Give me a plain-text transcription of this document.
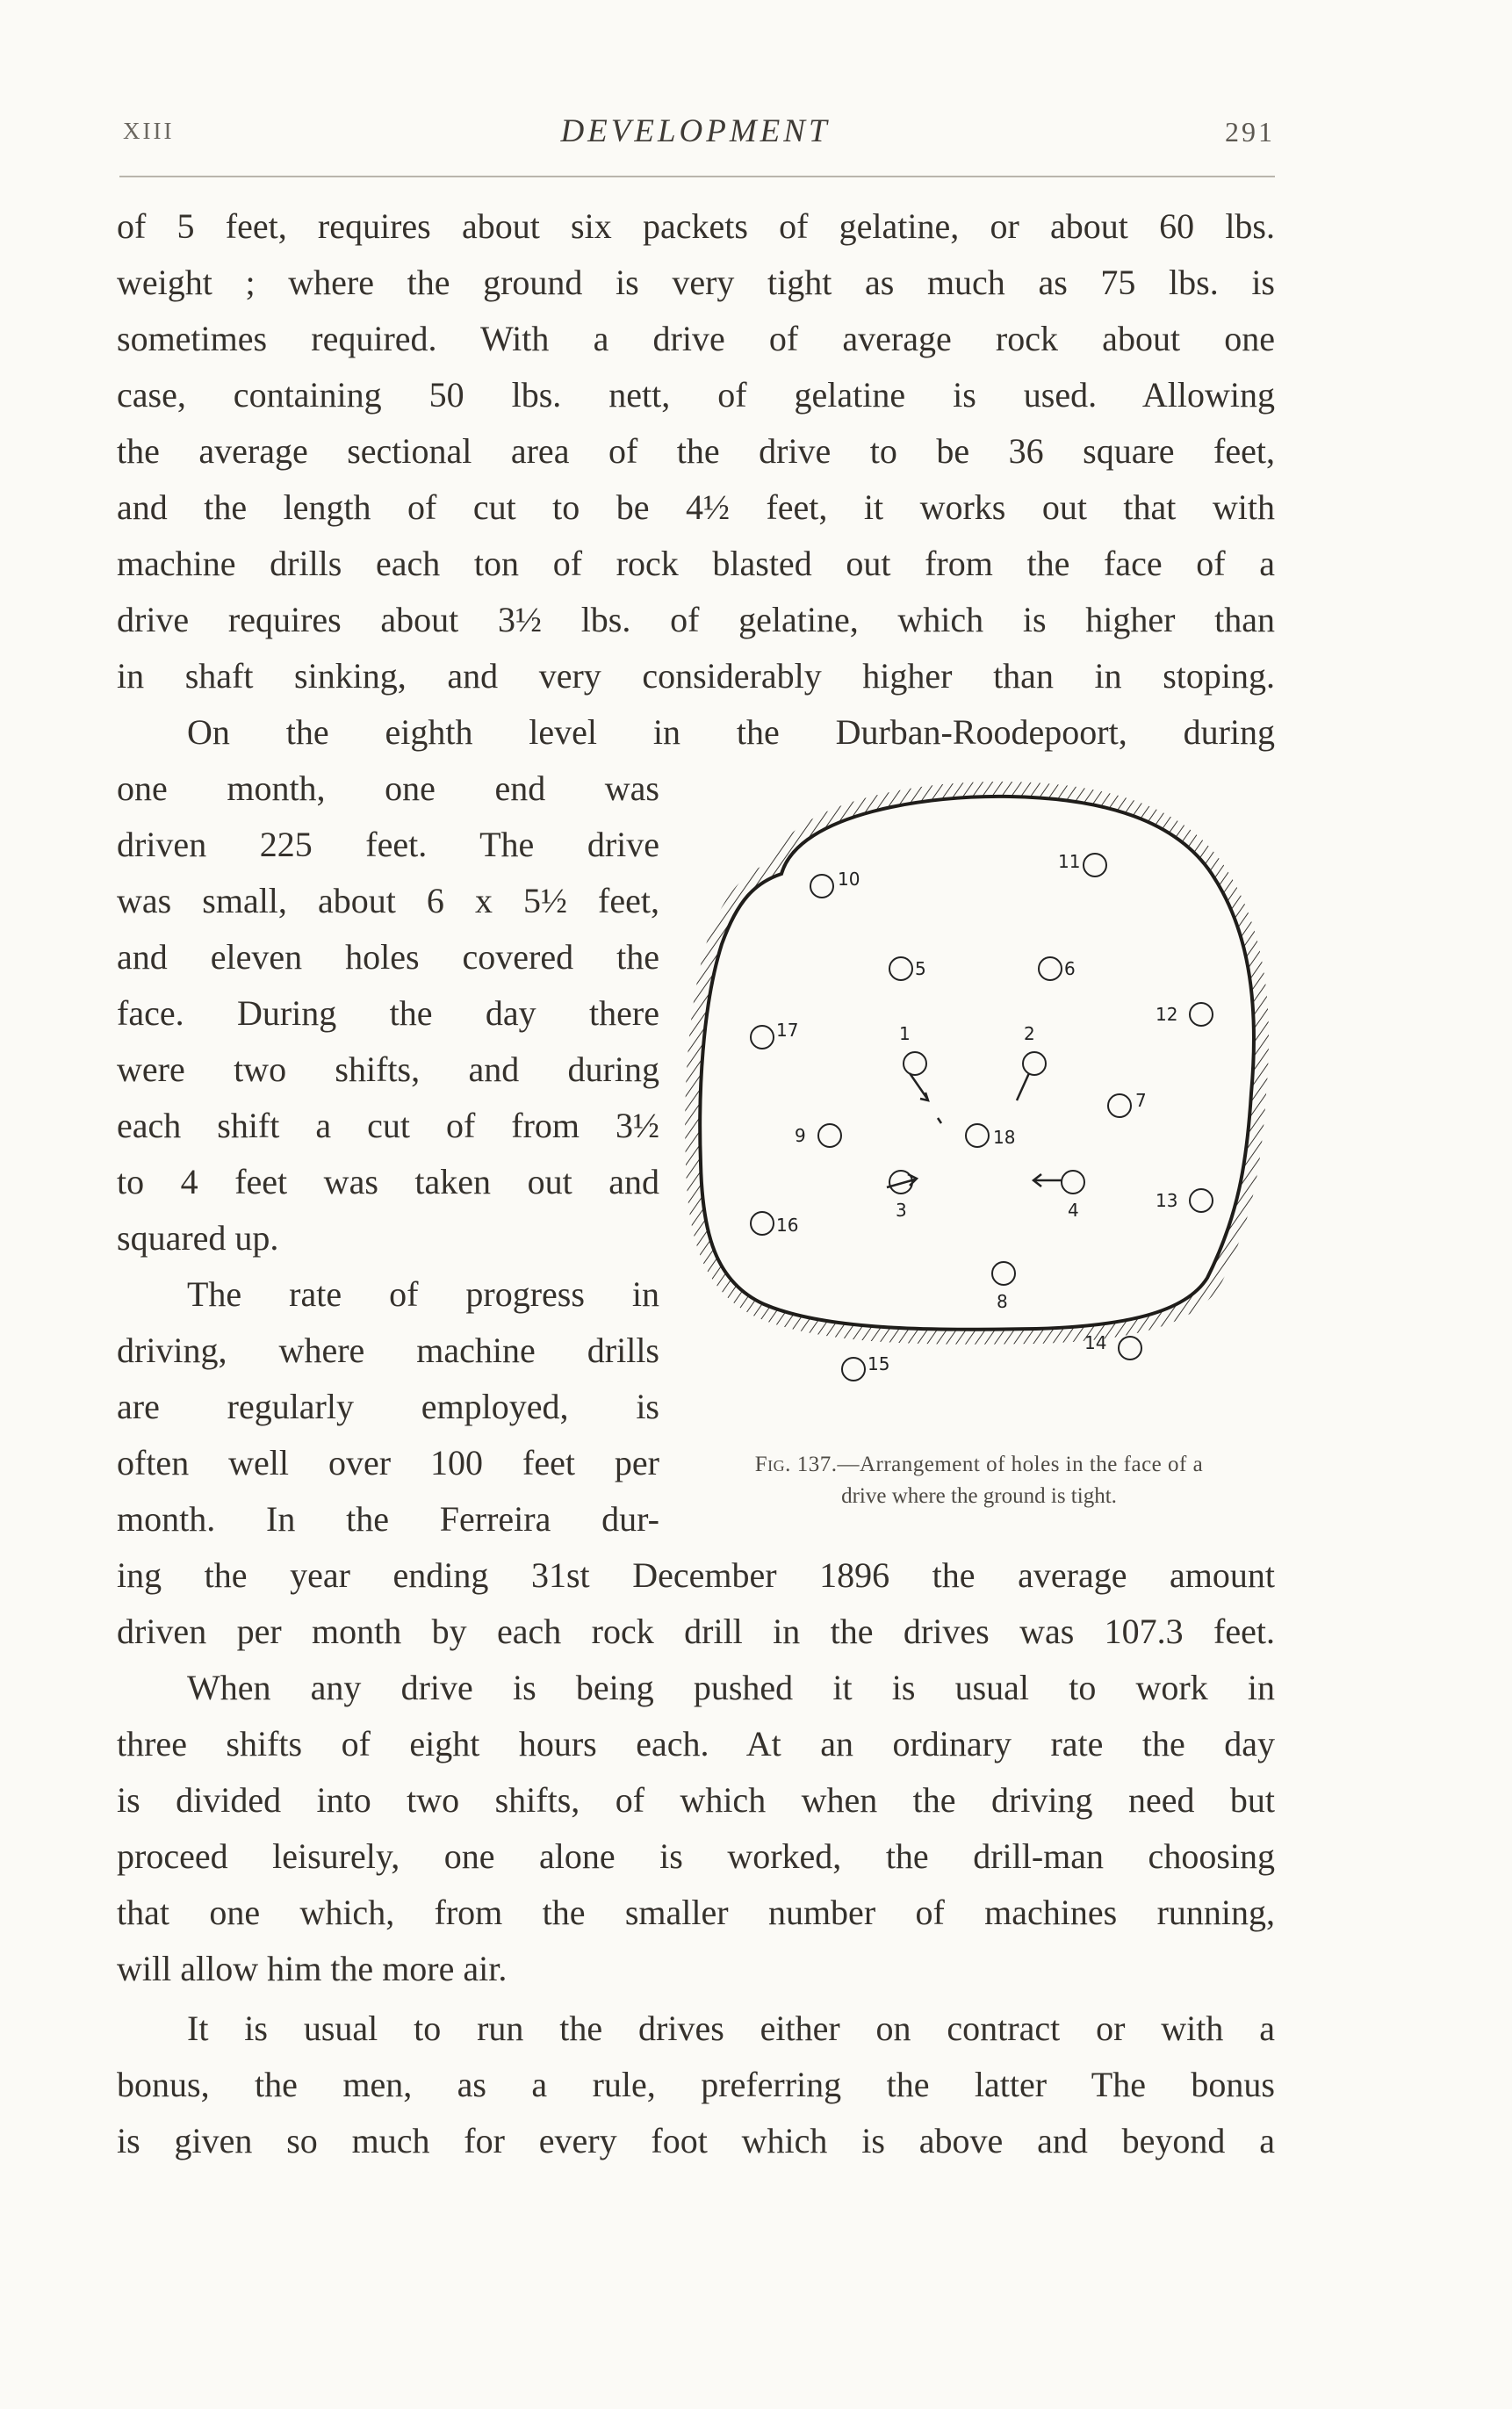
XIII	DEVELOPMENT	291
of 5 feet, requires about six packets of gelatine, or about 60 lbs.
weight ; where the ground is very tight as much as 75 lbs. is
sometimes required. With a drive of average rock about one
case, containing 50 lbs. nett, of gelatine is used. Allowing
the average sectional area of the drive to be 36 square feet,
and the length of cut to be 4½ feet, it works out that with
machine drills each ton of rock blasted out from the face of a
drive requires about 3½ lbs. of gelatine, which is higher than
in shaft sinking, and very considerably higher than in stoping.
On the eighth level in the Durban-Roodepoort, during
one month, one end was
driven 225 feet. The drive
was small, about 6 x 5½ feet,
and eleven holes covered the
face. During the day there
were two shifts, and during
each shift a cut of from 3½
to 4 feet was taken out and
squared up.
The rate of progress in
driving, where machine drills
are regularly employed, is
often well over 100 feet per
month. In the Ferreira dur-
ing the year ending 31st December 1896 the average amount
driven per month by each rock drill in the drives was 107.3 feet.
When any drive is being pushed it is usual to work in
three shifts of eight hours each. At an ordinary rate the day
is divided into two shifts, of which when the driving need but
proceed leisurely, one alone is worked, the drill-man choosing
that one which, from the smaller number of machines running,
will allow him the more air.
It is usual to run the drives either on contract or with a
bonus, the men, as a rule, preferring the latter The bonus
is given so much for every foot which is above and beyond a
10
11
5	6
12
17	1	2
7
9	18
3	4	13
16
8
14
15
Fig. 137.—Arrangement of holes in the face of a
drive where the ground is tight.
